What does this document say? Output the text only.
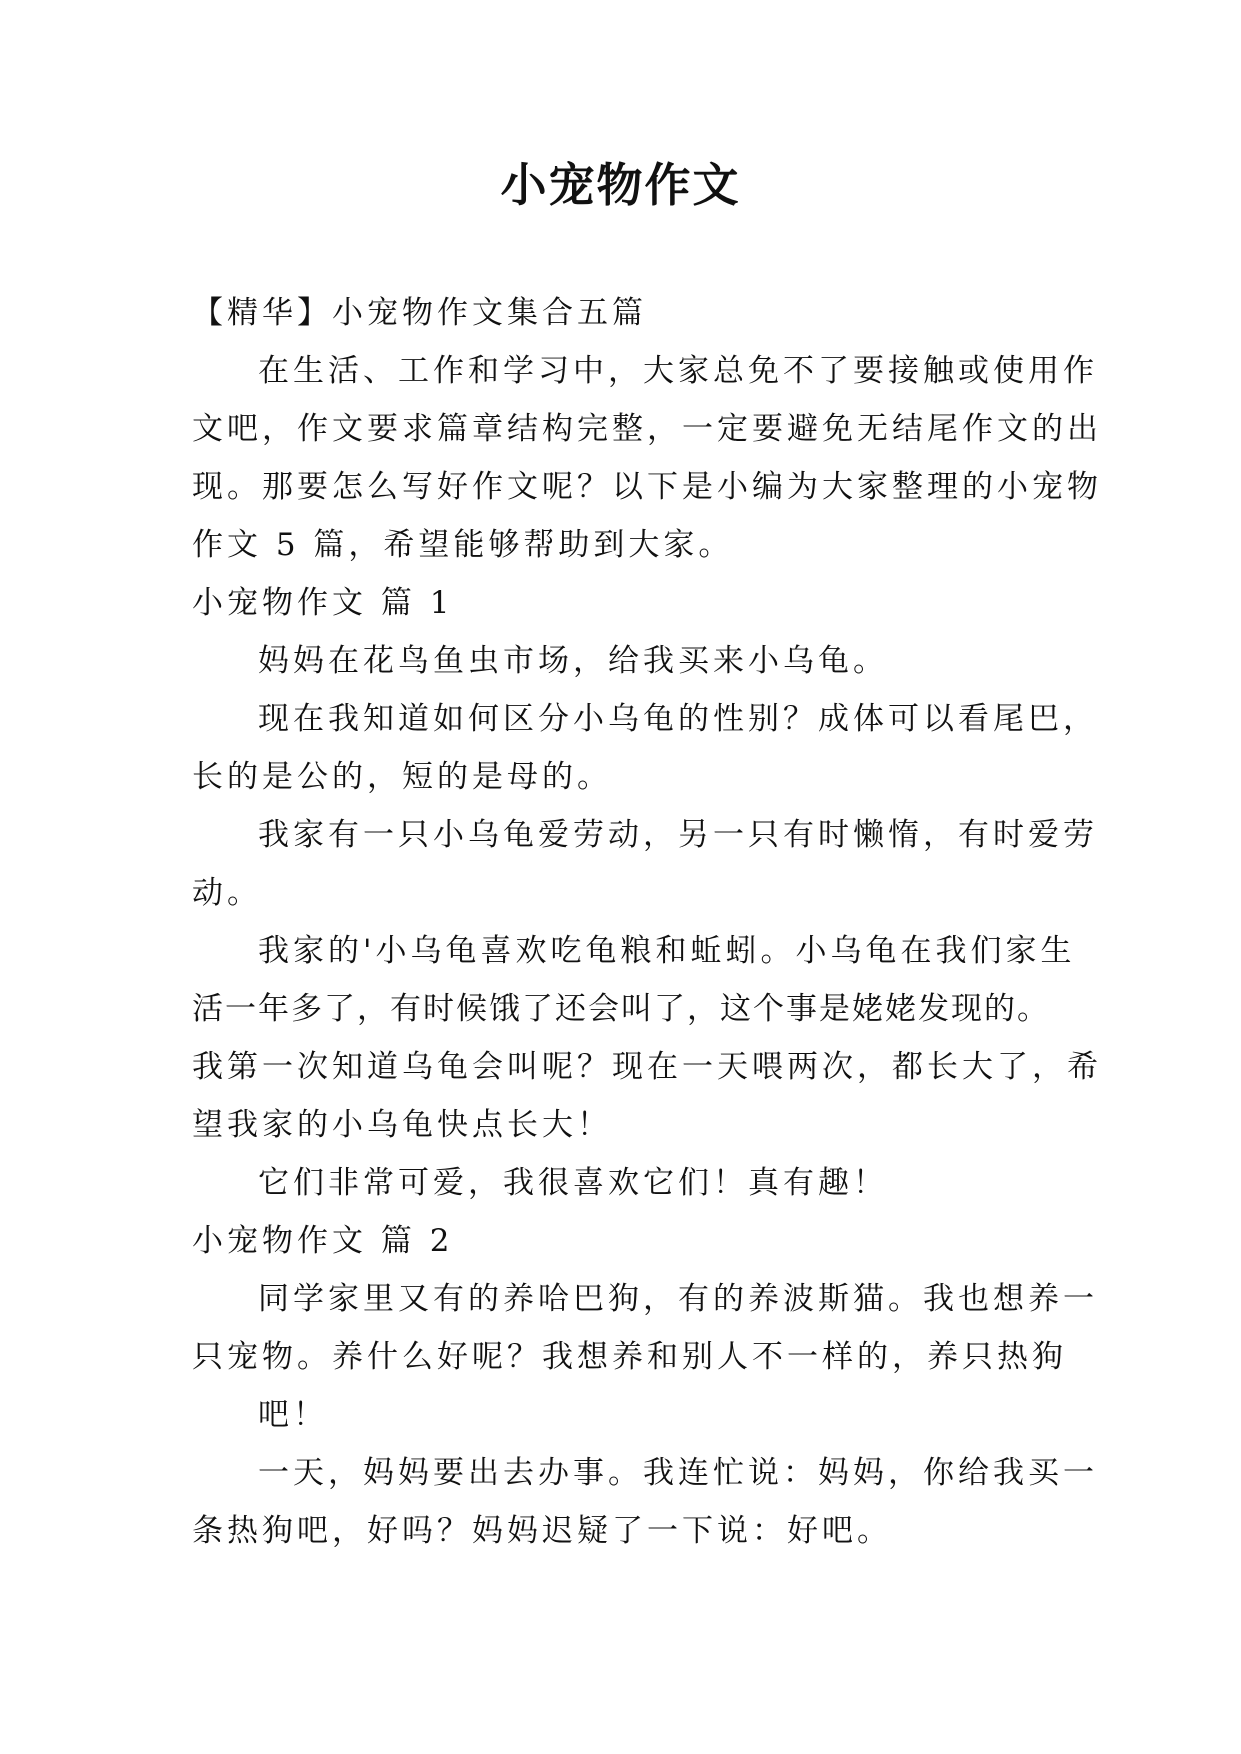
小宠物作文
【精华】小宠物作文集合五篇
在生活、工作和学习中，大家总免不了要接触或使用作
文吧，作文要求篇章结构完整，一定要避免无结尾作文的出
现。那要怎么写好作文呢？以下是小编为大家整理的小宠物
作文 5 篇，希望能够帮助到大家。
小宠物作文 篇 1
妈妈在花鸟鱼虫市场，给我买来小乌龟。
现在我知道如何区分小乌龟的性别？成体可以看尾巴，
长的是公的，短的是母的。
我家有一只小乌龟爱劳动，另一只有时懒惰，有时爱劳
动。
我家的'小乌龟喜欢吃龟粮和蚯蚓。小乌龟在我们家生
活一年多了，有时候饿了还会叫了，这个事是姥姥发现的。
我第一次知道乌龟会叫呢？现在一天喂两次，都长大了，希
望我家的小乌龟快点长大！
它们非常可爱，我很喜欢它们！真有趣！
小宠物作文 篇 2
同学家里又有的养哈巴狗，有的养波斯猫。我也想养一
只宠物。养什么好呢？我想养和别人不一样的，养只热狗
吧！
一天，妈妈要出去办事。我连忙说：妈妈，你给我买一
条热狗吧，好吗？妈妈迟疑了一下说：好吧。
